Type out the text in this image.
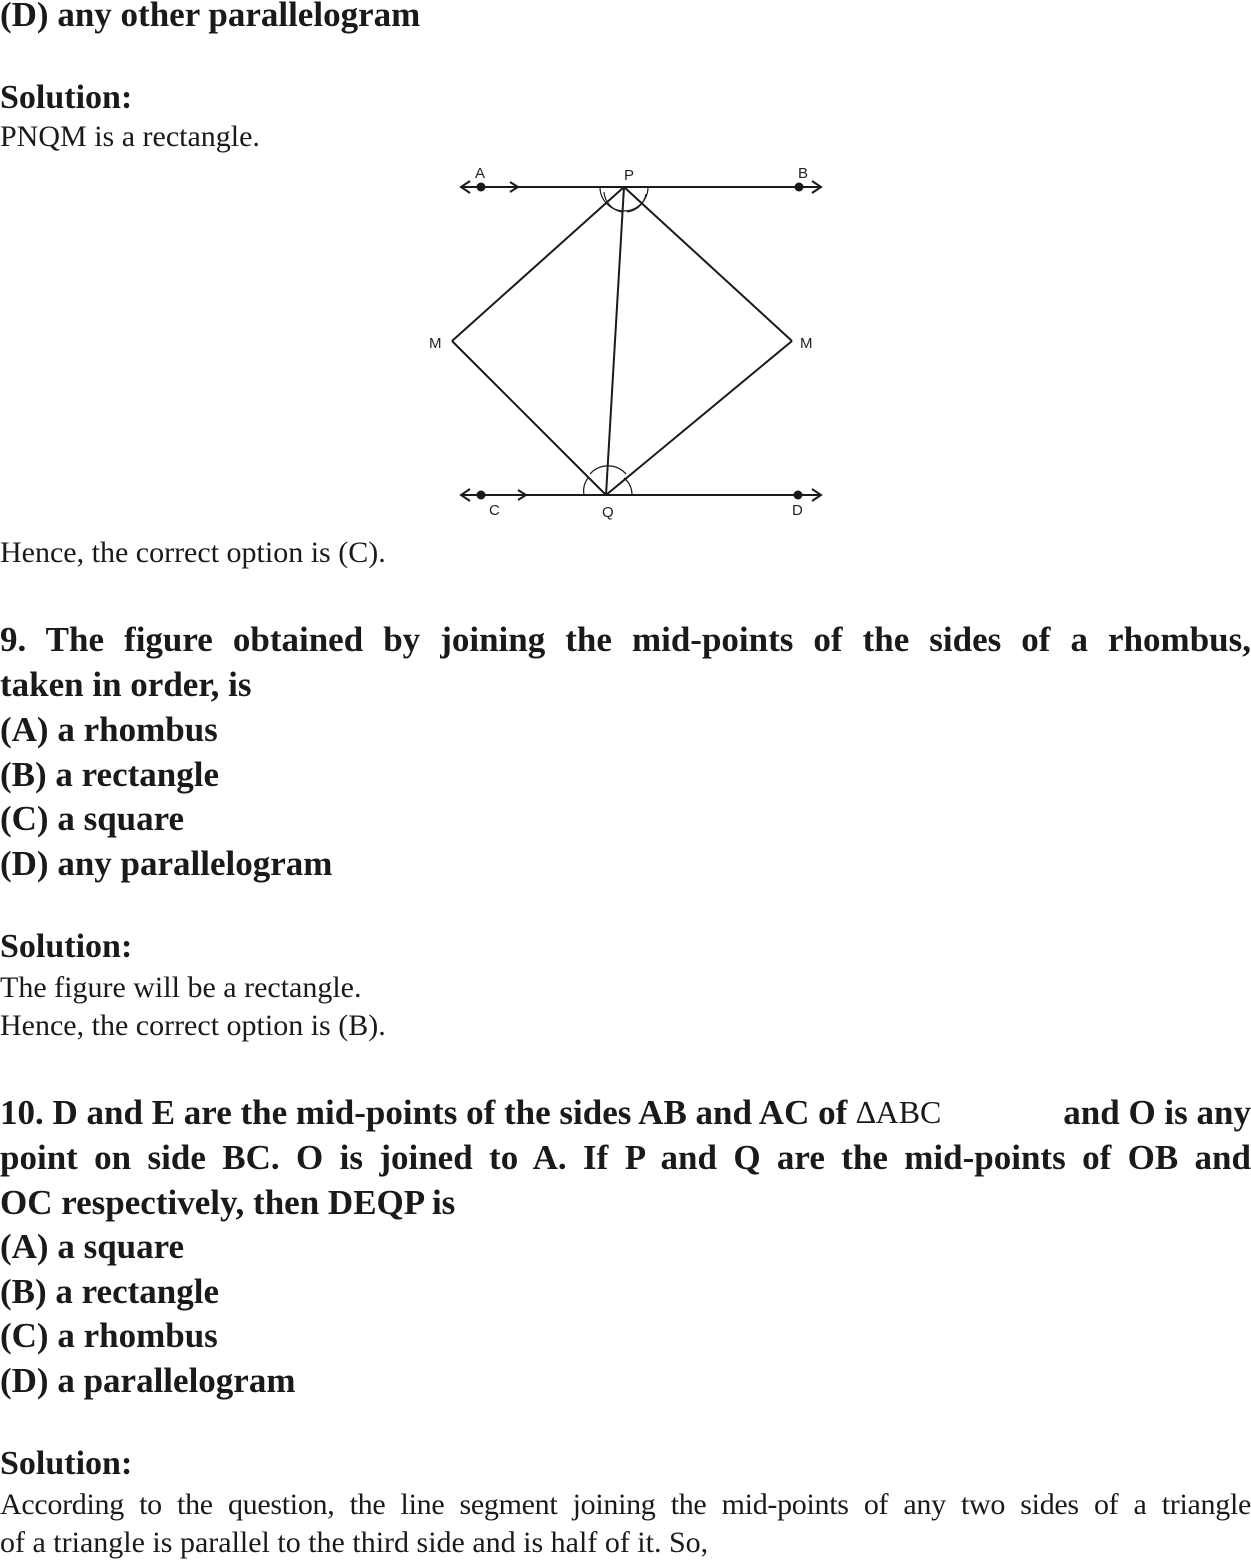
(D) any other parallelogram
Solution:
PNQM is a rectangle.
A	P	B
M	M
C	Q	D
Hence, the correct option is (C).
9. The figure obtained by joining the mid-points of the sides of a rhombus,
taken in order, is
(A) a rhombus
(B) a rectangle
(C) a square
(D) any parallelogram
Solution:
The figure will be a rectangle.
Hence, the correct option is (B).
10. D and E are the mid-points of the sides AB and AC of ∆ABC	and O is any
point on side BC. O is joined to A. If P and Q are the mid-points of OB and
OC respectively, then DEQP is
(A) a square
(B) a rectangle
(C) a rhombus
(D) a parallelogram
Solution:
According to the question, the line segment joining the mid-points of any two sides of a triangle
of a triangle is parallel to the third side and is half of it. So,
